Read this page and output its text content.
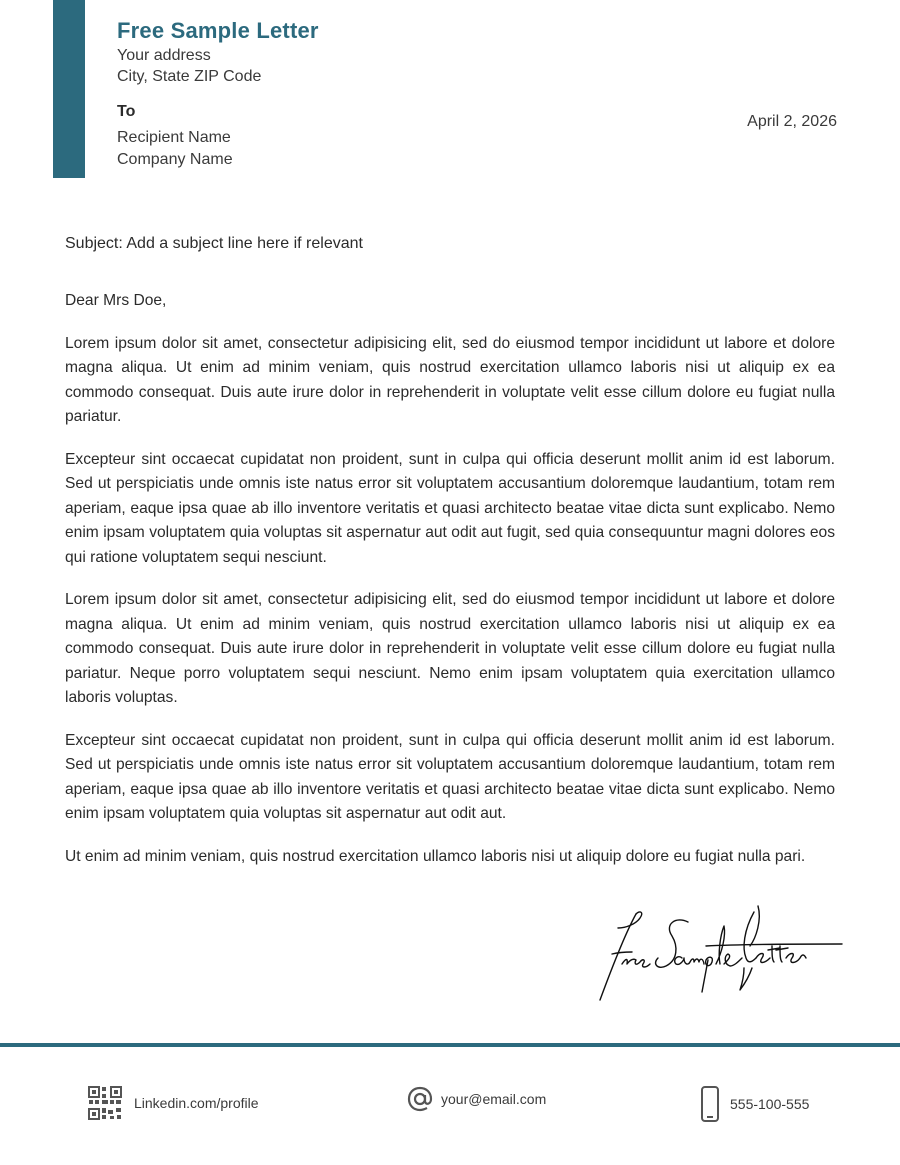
Free Sample Letter
Your address
City, State ZIP Code
To
Recipient Name
Company Name
April 2, 2026
Subject: Add a subject line here if relevant

Dear Mrs Doe,

Lorem ipsum dolor sit amet, consectetur adipisicing elit, sed do eiusmod tempor incididunt ut labore et dolore magna aliqua. Ut enim ad minim veniam, quis nostrud exercitation ullamco laboris nisi ut aliquip ex ea commodo consequat. Duis aute irure dolor in reprehenderit in voluptate velit esse cillum dolore eu fugiat nulla pariatur.

Excepteur sint occaecat cupidatat non proident, sunt in culpa qui officia deserunt mollit anim id est laborum. Sed ut perspiciatis unde omnis iste natus error sit voluptatem accusantium doloremque laudantium, totam rem aperiam, eaque ipsa quae ab illo inventore veritatis et quasi architecto beatae vitae dicta sunt explicabo. Nemo enim ipsam voluptatem quia voluptas sit aspernatur aut odit aut fugit, sed quia consequuntur magni dolores eos qui ratione voluptatem sequi nesciunt.

Lorem ipsum dolor sit amet, consectetur adipisicing elit, sed do eiusmod tempor incididunt ut labore et dolore magna aliqua. Ut enim ad minim veniam, quis nostrud exercitation ullamco laboris nisi ut aliquip ex ea commodo consequat. Duis aute irure dolor in reprehenderit in voluptate velit esse cillum dolore eu fugiat nulla pariatur. Neque porro voluptatem sequi nesciunt. Nemo enim ipsam voluptatem quia exercitation ullamco laboris voluptas.

Excepteur sint occaecat cupidatat non proident, sunt in culpa qui officia deserunt mollit anim id est laborum. Sed ut perspiciatis unde omnis iste natus error sit voluptatem accusantium doloremque laudantium, totam rem aperiam, eaque ipsa quae ab illo inventore veritatis et quasi architecto beatae vitae dicta sunt explicabo. Nemo enim ipsam voluptatem quia voluptas sit aspernatur aut odit aut.

Ut enim ad minim veniam, quis nostrud exercitation ullamco laboris nisi ut aliquip dolore eu fugiat nulla pari.

Linkedin.com/profile	your@email.com	555-100-555
